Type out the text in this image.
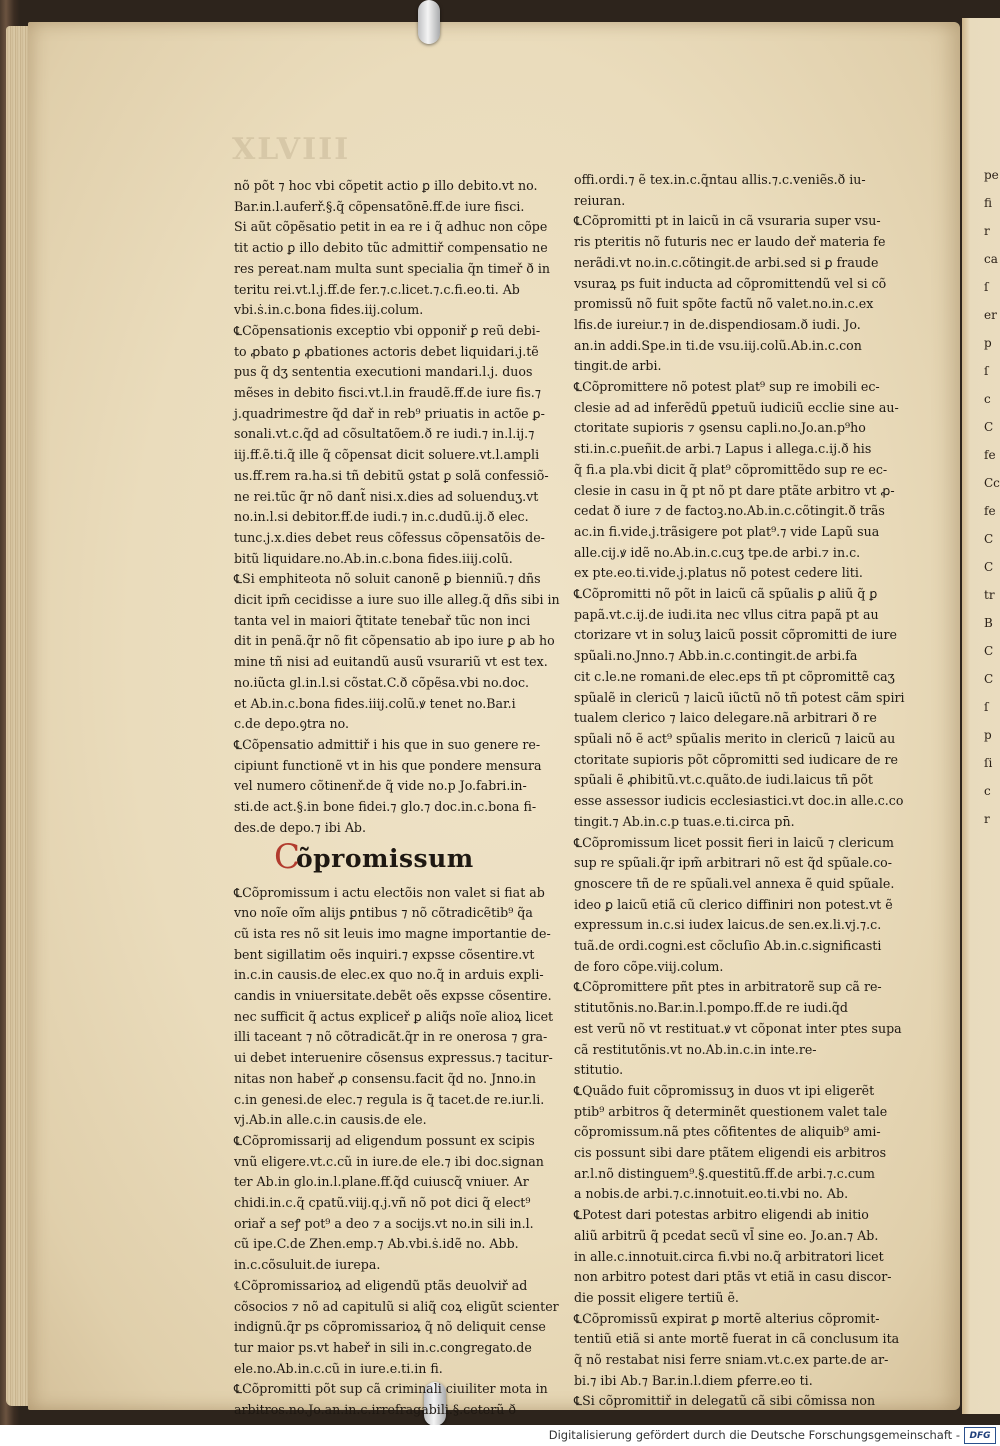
pe
fi
r
ca
ſ
er
p
ſ
c
C
fe
Cc
fe
C
C
tr
B
C
C
ſ
p
ſi
c
r
XLVIII
nõ põt ⁊ hoc vbi cõpetit actio ꝑ illo debito.vt no.
Bar.in.l.auferř.§.q̃ cõpensatõnē.ff.de iure fisci.
Si aũt cõpẽsatio petit in ea re i q̃ adhuc non cõpe
tit actio ꝑ illo debito tũc admittiř compensatio ne
res pereat.nam multa sunt specialia q̃n timeř ð in
teritu rei.vt.l.j.ff.de fer.⁊.c.licet.⁊.c.fi.eo.ti. Ab
vbi.ṡ.in.c.bona fides.iij.colum.
℄Cõpensationis exceptio vbi opponiř ꝑ reũ debi-
to ꝓbato ꝑ ꝓbationes actoris debet liquidari.j.tẽ
pus q̃ dʒ sententia executioni mandari.l.j. duos
mẽses in debito fisci.vt.l.in fraudẽ.ff.de iure fis.⁊
j.quadrimestre q̃d dař in reb⁹ priuatis in actõe ꝑ-
sonali.vt.c.q̃d ad cõsultatõem.ð re iudi.⁊ in.l.ij.⁊
iij.ff.ẽ.ti.q̃ ille q̃ cõpensat dicit soluere.vt.l.ampli
us.ff.rem ra.ha.si tñ debitũ ꝯstat ꝑ solã confessiõ-
ne rei.tũc q̃r nõ dant̃ nisi.x.dies ad soluenduʒ.vt
no.in.l.si debitor.ff.de iudi.⁊ in.c.dudũ.ij.ð elec.
tunc.j.x.dies debet reus cõfessus cõpensatõis de-
bitũ liquidare.no.Ab.in.c.bona fides.iiij.colũ.
℄Si emphiteota nõ soluit canonẽ ꝑ bienniũ.⁊ dñs
dicit ipm̃ cecidisse a iure suo ille alleg.q̃ dñs sibi in
tanta vel in maiori q̃titate tenebař tũc non inci
dit in penã.q̃r nõ fit cõpensatio ab ipo iure ꝑ ab ho
mine tñ nisi ad euitandũ ausũ vsurariũ vt est tex.
no.iũcta gl.in.l.si cõstat.C.ð cõpẽsa.vbi no.doc.
et Ab.in.c.bona fides.iiij.colũ.ꝟ tenet no.Bar.i
c.de depo.ꝯtra no.
℄Cõpensatio admittiř i his que in suo genere re-
cipiunt functionẽ vt in his que pondere mensura
vel numero cõtinenř.de q̃ vide no.p Jo.fabri.in-
sti.de act.§.in bone fidei.⁊ glo.⁊ doc.in.c.bona fi-
des.de depo.⁊ ibi Ab.
C
õpromissum
℄Cõpromissum i actu electõis non valet si fiat ab
vno noĩe oĩm alijs ꝑntibus ⁊ nõ cõtradicẽtib⁹ q̃a
cũ ista res nõ sit leuis imo magne importantie de-
bent sigillatim oẽs inquiri.⁊ expsse cõsentire.vt
in.c.in causis.de elec.ex quo no.q̃ in arduis expli-
candis in vniuersitate.debẽt oẽs expsse cõsentire.
nec sufficit q̃ actus expliceř ꝑ aliq̃s noĩe alioꝝ licet
illi taceant ⁊ nõ cõtradicãt.q̃r in re onerosa ⁊ gra-
ui debet interuenire cõsensus expressus.⁊ tacitur-
nitas non habeř ꝓ consensu.facit q̃d no. Jnno.in
c.in genesi.de elec.⁊ regula is q̃ tacet.de re.iur.li.
vj.Ab.in alle.c.in causis.de ele.
℄Cõpromissarij ad eligendum possunt ex scipis
vnũ eligere.vt.c.cũ in iure.de ele.⁊ ibi doc.signan
ter Ab.in glo.in.l.plane.ff.q̃d cuiuscq̃ vniuer. Ar
chidi.in.c.q̃ cpatũ.viij.q.j.vñ nõ pot dici q̃ elect⁹
oriař a seꝭ pot⁹ a deo ⁊ a socijs.vt no.in sili in.l.
cũ ipe.C.de Zhen.emp.⁊ Ab.vbi.ṡ.idẽ no. Abb.
in.c.cõsuluit.de iurepa.
℄Cõpromissarioꝝ ad eligendũ ptãs deuolviř ad
cõsocios ⁊ nõ ad capitulũ si aliq̃ coꝝ eligũt scienter
indignũ.q̃r ps cõpromissarioꝝ q̃ nõ deliquit cense
tur maior ps.vt habeř in sili in.c.congregato.de
ele.no.Ab.in.c.cũ in iure.e.ti.in fi.
℄Cõpromitti põt sup cã criminali ciuiliter mota in
arbitros.no.Jo.an.in.c.irrefragabili.§.ceterũ ð
offi.ordi.⁊ ẽ tex.in.c.q̃ntau allis.⁊.c.veniẽs.ð iu-
reiuran.
℄Cõpromitti pt in laicũ in cã vsuraria super vsu-
ris pteritis nõ futuris nec er laudo deř materia fe
nerãdi.vt no.in.c.cõtingit.de arbi.sed si ꝑ fraude
vsuraꝝ ps fuit inducta ad cõpromittendũ vel si cõ
promissũ nõ fuit spõte factũ nõ valet.no.in.c.ex
lfis.de iureiur.⁊ in de.dispendiosam.ð iudi. Jo.
an.in addi.Spe.in ti.de vsu.iij.colũ.Ab.in.c.con
tingit.de arbi.
℄Cõpromittere nõ potest plat⁹ sup re imobili ec-
clesie ad ad inferẽdũ ꝑpetuũ iudiciũ ecclie sine au-
ctoritate supioris ⁊ ꝯsensu capli.no.Jo.an.p⁹ho
sti.in.c.pueñit.de arbi.⁊ Lapus i allega.c.ij.ð his
q̃ fi.a pla.vbi dicit q̃ plat⁹ cõpromittẽdo sup re ec-
clesie in casu in q̃ pt nõ pt dare ptãte arbitro vt ꝓ-
cedat ð iure ⁊ de factoꝫ.no.Ab.in.c.cõtingit.ð trãs
ac.in fi.vide.j.trãsigere pot plat⁹.⁊ vide Lapũ sua
alle.cij.ꝟ idẽ no.Ab.in.c.cuʒ tpe.de arbi.⁊ in.c.
ex pte.eo.ti.vide.j.platus nõ potest cedere liti.
℄Cõpromitti nõ põt in laicũ cã spũalis ꝑ aliũ q̃ ꝑ
papã.vt.c.ij.de iudi.ita nec vllus citra papã pt au
ctorizare vt in soluʒ laicũ possit cõpromitti de iure
spũali.no.Jnno.⁊ Abb.in.c.contingit.de arbi.fa
cit c.le.ne romani.de elec.eps tñ pt cõpromittẽ caʒ
spũalẽ in clericũ ⁊ laicũ iũctũ nõ tñ potest cãm spiri
tualem clerico ⁊ laico delegare.nã arbitrari ð re
spũali nõ ẽ act⁹ spũalis merito in clericũ ⁊ laicũ au
ctoritate supioris põt cõpromitti sed iudicare de re
spũali ẽ ꝓhibitũ.vt.c.quãto.de iudi.laicus tñ põt
esse assessor iudicis ecclesiastici.vt doc.in alle.c.co
tingit.⁊ Ab.in.c.p tuas.e.ti.circa pn̄.
℄Cõpromissum licet possit fieri in laicũ ⁊ clericum
sup re spũali.q̃r ipm̃ arbitrari nõ est q̃d spũale.co-
gnoscere tñ de re spũali.vel annexa ẽ quid spũale.
ideo ꝑ laicũ etiã cũ clerico diffiniri non potest.vt ẽ
expressum in.c.si iudex laicus.de sen.ex.li.vj.⁊.c.
tuã.de ordi.cogni.est cõcluſio Ab.in.c.significasti
de foro cõpe.viij.colum.
℄Cõpromittere pñt ptes in arbitratorẽ sup cã re-
stitutõnis.no.Bar.in.l.pompo.ff.de re iudi.q̃d
est verũ nõ vt restituat.ꝟ vt cõponat inter ptes supa
cã restitutõnis.vt no.Ab.in.c.in inte.re-
stitutio.
℄Quãdo fuit cõpromissuʒ in duos vt ipi eligerẽt
ptib⁹ arbitros q̃ determinẽt questionem valet tale
cõpromissum.nã ptes cõfitentes de aliquib⁹ ami-
cis possunt sibi dare ptãtem eligendi eis arbitros
ar.l.nõ distinguem⁹.§.questitũ.ff.de arbi.⁊.c.cum
a nobis.de arbi.⁊.c.innotuit.eo.ti.vbi no. Ab.
℄Potest dari potestas arbitro eligendi ab initio
aliũ arbitrũ q̃ pcedat secũ vl̄ sine eo. Jo.an.⁊ Ab.
in alle.c.innotuit.circa fi.vbi no.q̃ arbitratori licet
non arbitro potest dari ptãs vt etiã in casu discor-
die possit eligere tertiũ ẽ.
℄Cõpromissũ expirat ꝑ mortẽ alterius cõpromit-
tentiũ etiã si ante mortẽ fuerat in cã conclusum ita
q̃ nõ restabat nisi ferre sniam.vt.c.ex parte.de ar-
bi.⁊ ibi Ab.⁊ Bar.in.l.diem ꝑferre.eo ti.
℄Si cõpromittiř in delegatũ cã sibi cõmissa non
Digitalisierung gefördert durch die Deutsche Forschungsgemeinschaft - DFG
